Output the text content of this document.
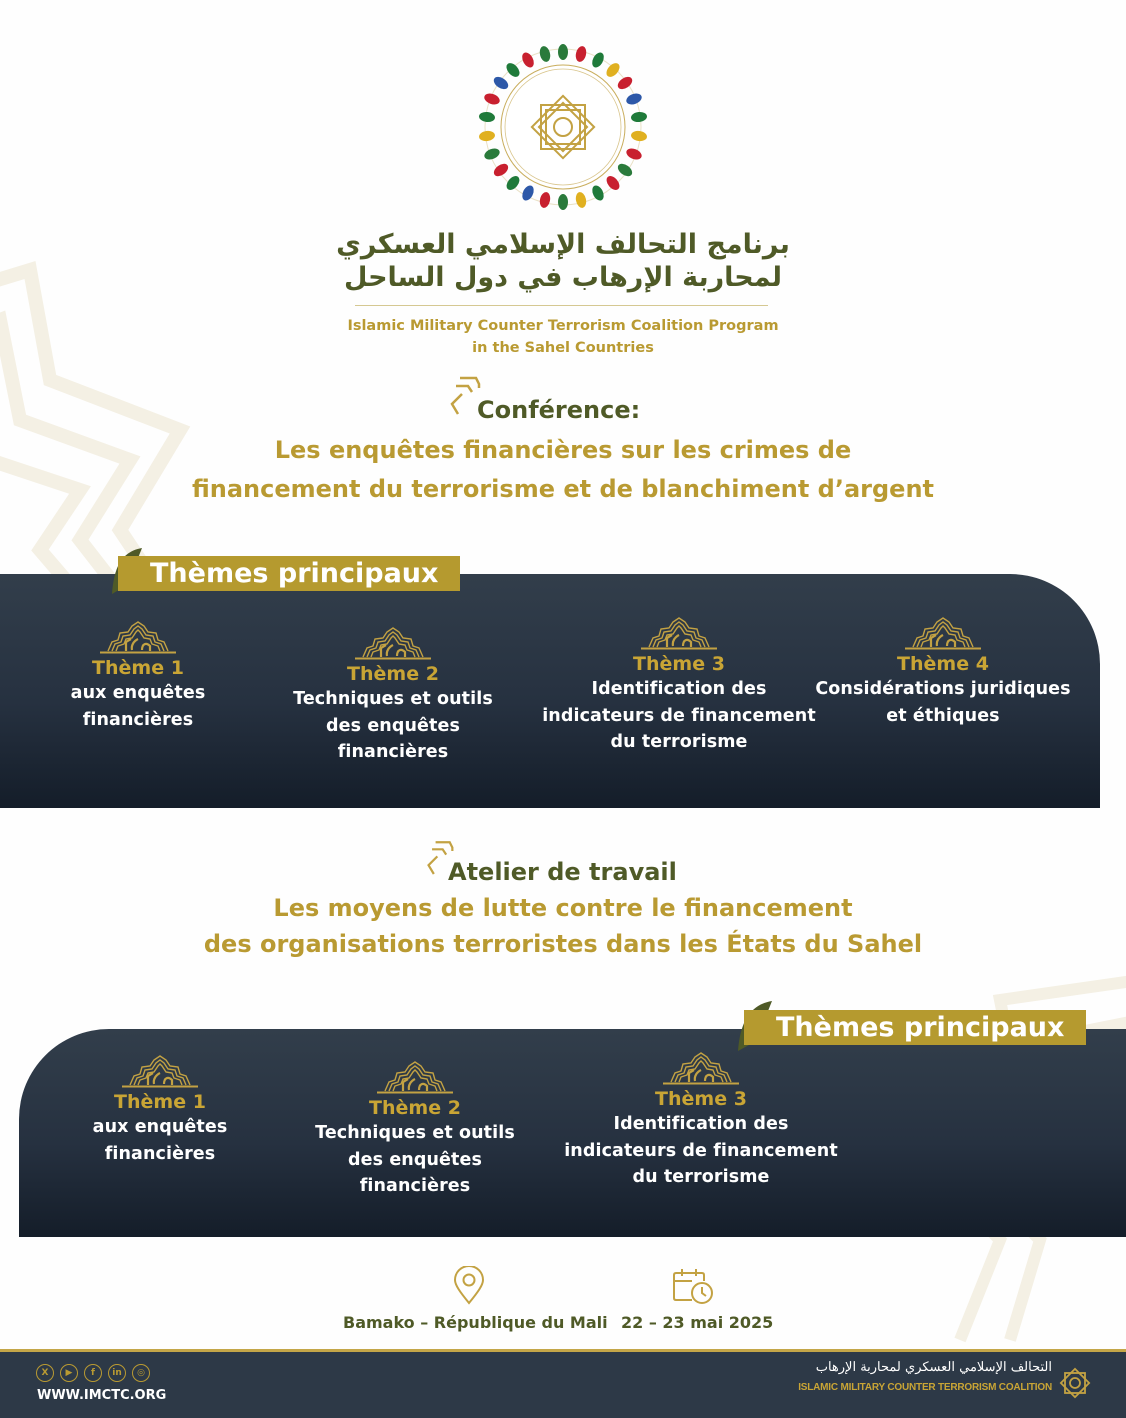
برنامج التحالف الإسلامي العسكري
لمحاربة الإرهاب في دول الساحل
Islamic Military Counter Terrorism Coalition Program
in the Sahel Countries
Conférence:
Les enquêtes financières sur les crimes de
financement du terrorisme et de blanchiment d’argent
Thèmes principaux
Thème 1
aux enquêtes
financières
Thème 2
Techniques et outils
des enquêtes
financières
Thème 3
Identification des
indicateurs de financement
du terrorisme
Thème 4
Considérations juridiques
et éthiques
Atelier de travail
Les moyens de lutte contre le financement
des organisations terroristes dans les États du Sahel
Thèmes principaux
Thème 1
aux enquêtes
financières
Thème 2
Techniques et outils
des enquêtes
financières
Thème 3
Identification des
indicateurs de financement
du terrorisme
Bamako – République du Mali 22 – 23 mai 2025
X	▶	f	in	◎
WWW.IMCTC.ORG
التحالف الإسلامي العسكري لمحاربة الإرهاب
ISLAMIC MILITARY COUNTER TERRORISM COALITION
